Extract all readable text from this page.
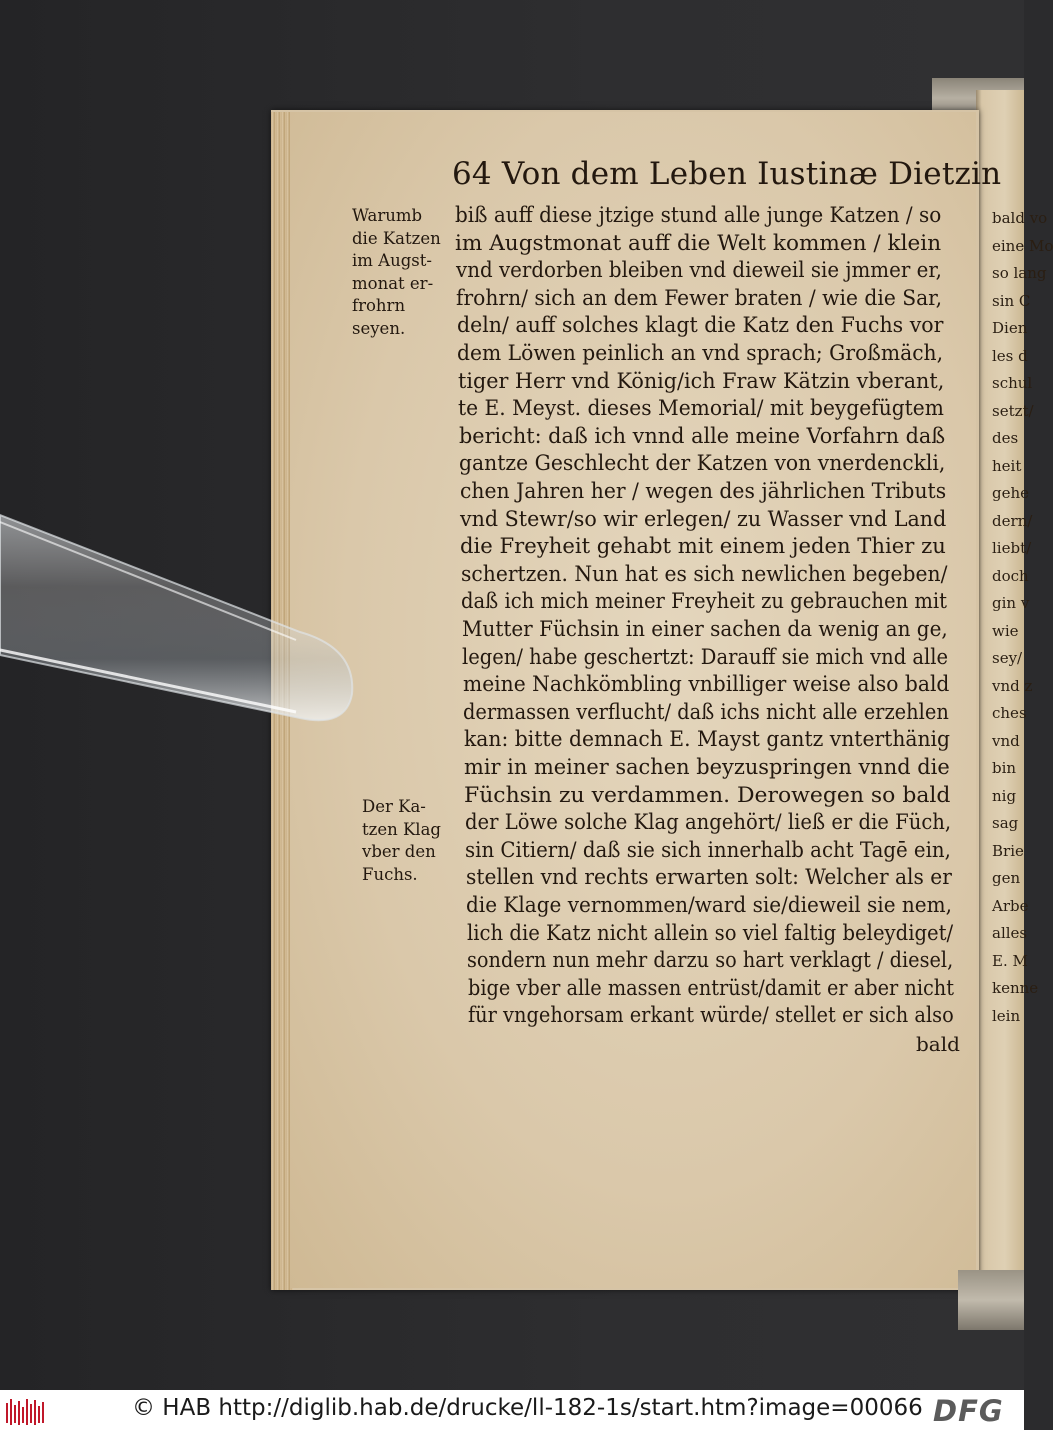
bald vo
eine Mo
so lang
sin C
Dien
les d
schul
setzt/
des
heit
gehe
dern/
liebt/
doch
gin v
wie
sey/
vnd z
ches
vnd
bin
nig
sag
Brie
gen
Arbe
alles
E. M
kenne
lein
64 Von dem Leben Iustinæ Dietzin
Warumb
die Katzen
im Augst-
monat er-
frohrn
seyen.
Der Ka-
tzen Klag
vber den
Fuchs.
biß auff diese jtzige stund alle junge Katzen / so
im Augstmonat auff die Welt kommen / klein
vnd verdorben bleiben vnd dieweil sie jmmer er,
frohrn/ sich an dem Fewer braten / wie die Sar,
deln/ auff solches klagt die Katz den Fuchs vor
dem Löwen peinlich an vnd sprach; Großmäch,
tiger Herr vnd König/ich Fraw Kätzin vberant,
te E. Meyst. dieses Memorial/ mit beygefügtem
bericht: daß ich vnnd alle meine Vorfahrn daß
gantze Geschlecht der Katzen von vnerdenckli,
chen Jahren her / wegen des jährlichen Tributs
vnd Stewr/so wir erlegen/ zu Wasser vnd Land
die Freyheit gehabt mit einem jeden Thier zu
schertzen. Nun hat es sich newlichen begeben/
daß ich mich meiner Freyheit zu gebrauchen mit
Mutter Füchsin in einer sachen da wenig an ge,
legen/ habe geschertzt: Darauff sie mich vnd alle
meine Nachkömbling vnbilliger weise also bald
dermassen verflucht/ daß ichs nicht alle erzehlen
kan: bitte demnach E. Mayst gantz vnterthänig
mir in meiner sachen beyzuspringen vnnd die
Füchsin zu verdammen. Derowegen so bald
der Löwe solche Klag angehört/ ließ er die Füch,
sin Citiern/ daß sie sich innerhalb acht Tagē ein,
stellen vnd rechts erwarten solt: Welcher als er
die Klage vernommen/ward sie/dieweil sie nem,
lich die Katz nicht allein so viel faltig beleydiget/
sondern nun mehr darzu so hart verklagt / diesel,
bige vber alle massen entrüst/damit er aber nicht
für vngehorsam erkant würde/ stellet er sich also
bald
© HAB http://diglib.hab.de/drucke/ll-182-1s/start.htm?image=00066 DFG
